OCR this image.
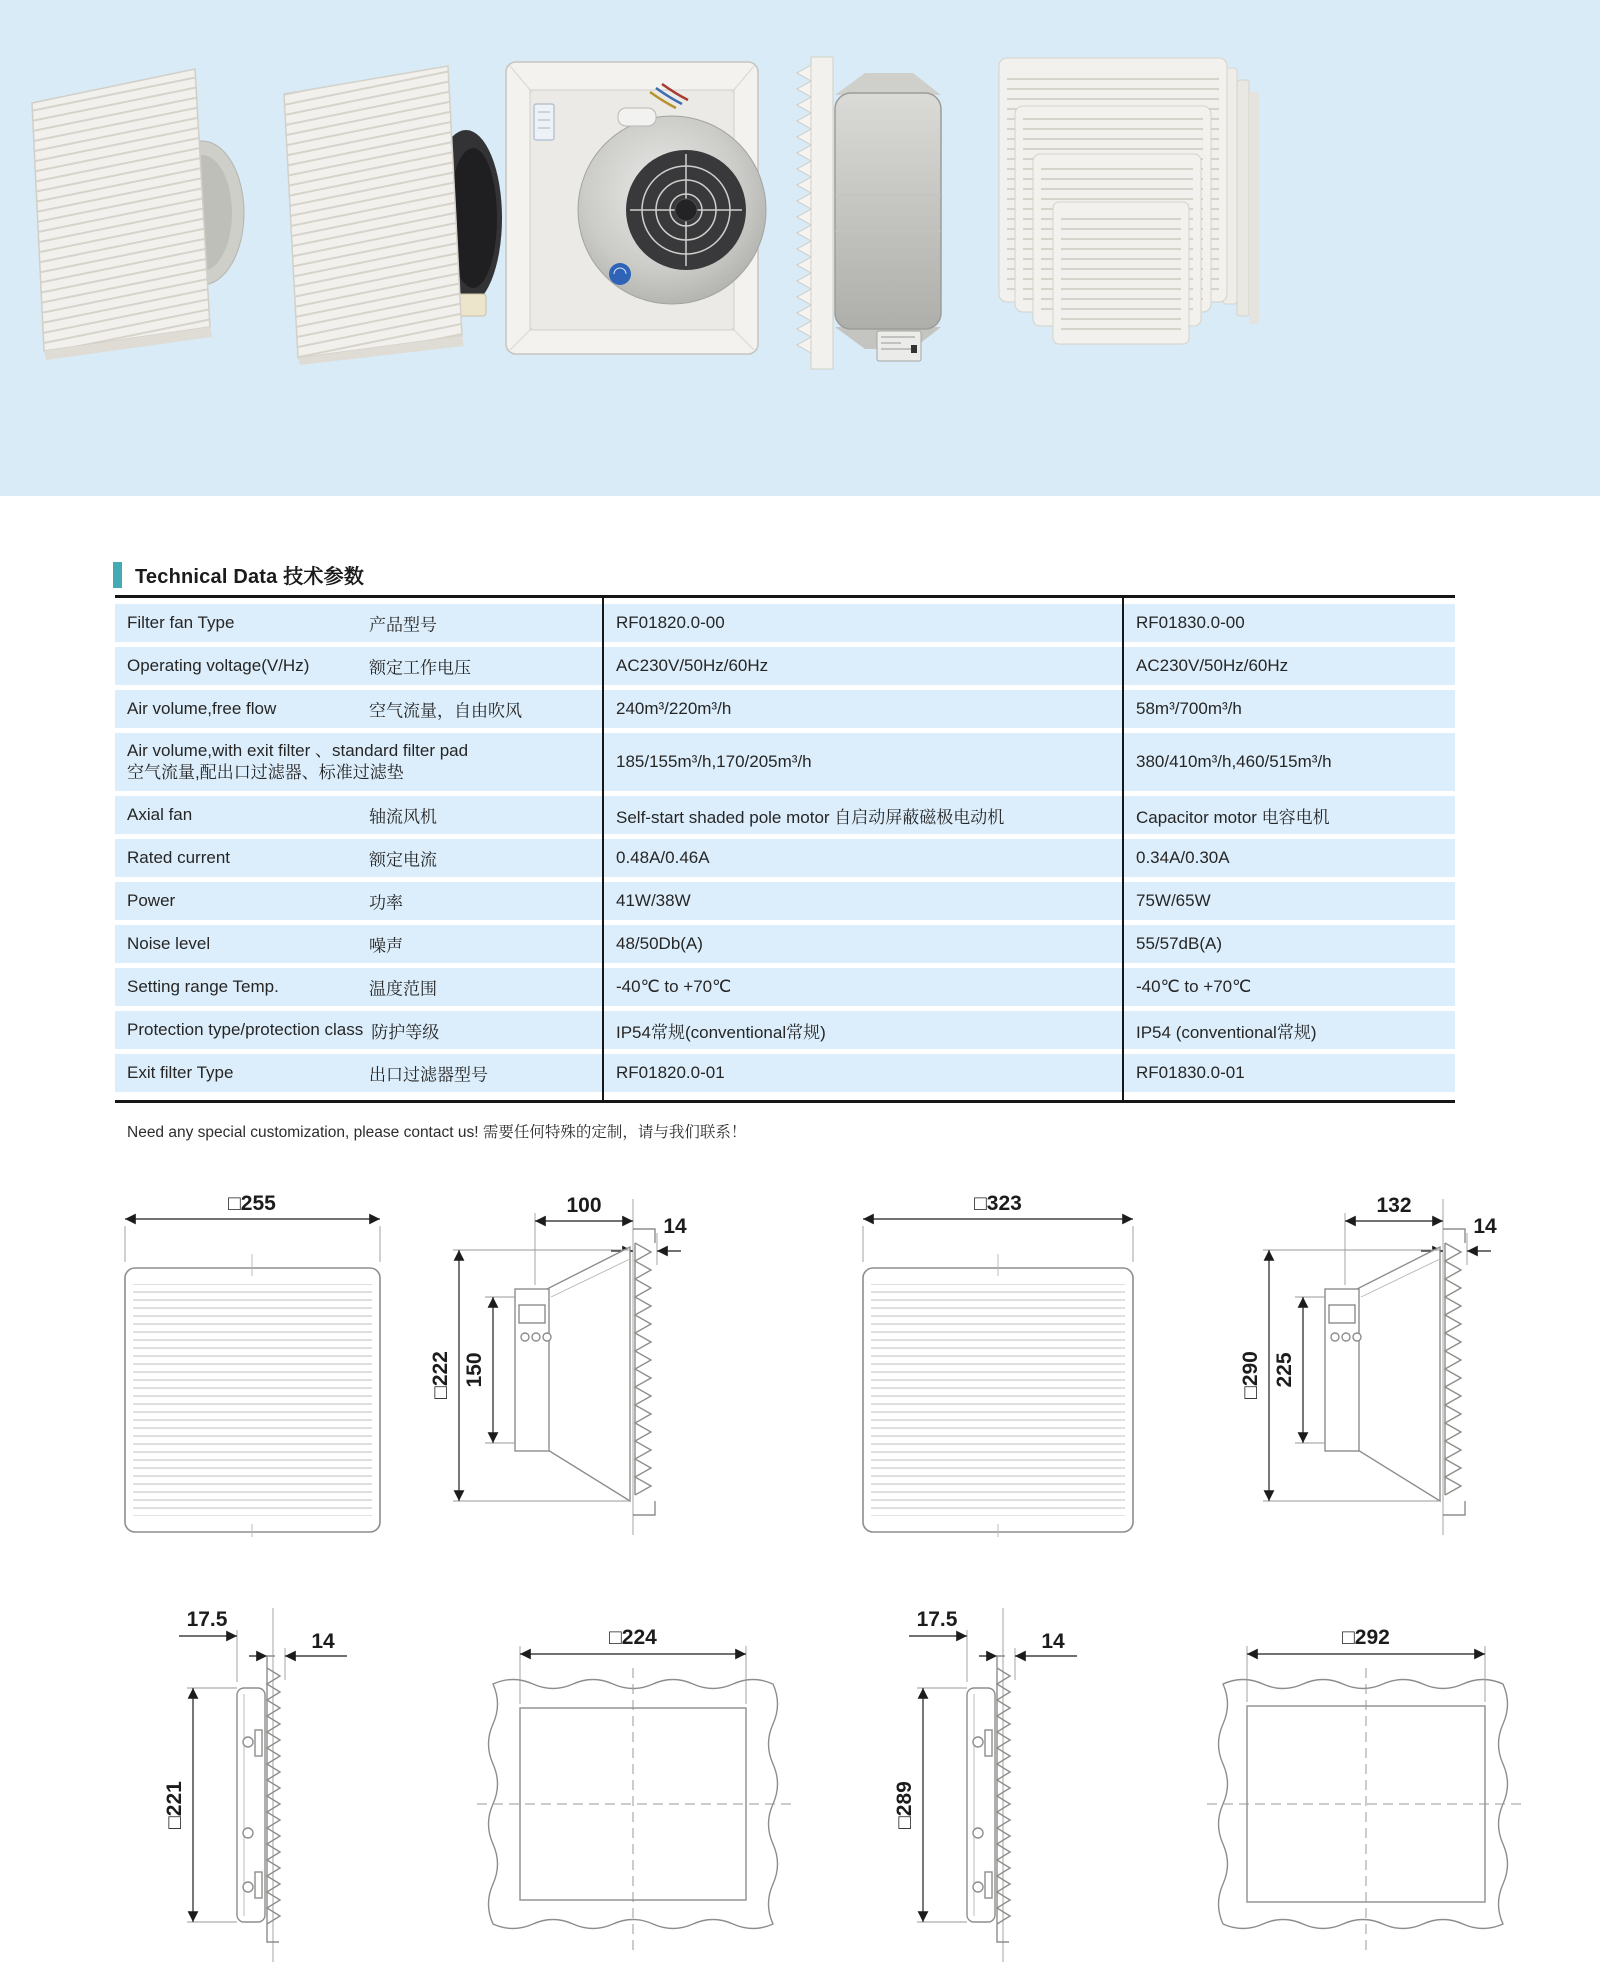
Technical Data 技术参数
Filter fan Type	产品型号	RF01820.0-00	RF01830.0-00
Operating voltage(V/Hz)	额定工作电压	AC230V/50Hz/60Hz	AC230V/50Hz/60Hz
Air volume,free flow	空气流量，自由吹风	240m³/220m³/h	58m³/700m³/h
Air volume,with exit filter 、standard filter pad
空气流量,配出口过滤器、标准过滤垫
185/155m³/h,170/205m³/h	380/410m³/h,460/515m³/h
Axial fan	轴流风机	Self-start shaded pole motor 自启动屏蔽磁极电动机	Capacitor motor 电容电机
Rated current	额定电流	0.48A/0.46A	0.34A/0.30A
Power	功率	41W/38W	75W/65W
Noise level	噪声	48/50Db(A)	55/57dB(A)
Setting range Temp.	温度范围	-40℃ to +70℃	-40℃ to +70℃
Protection type/protection class 防护等级	IP54常规(conventional常规)	IP54 (conventional常规)
Exit filter Type	出口过滤器型号	RF01820.0-01	RF01830.0-01
Need any special customization, please contact us! 需要任何特殊的定制，请与我们联系！
□255	100
14
□222 150
□323	132
14
□290 225
17.5
14
□221
□224
17.5
14
□289
□292
